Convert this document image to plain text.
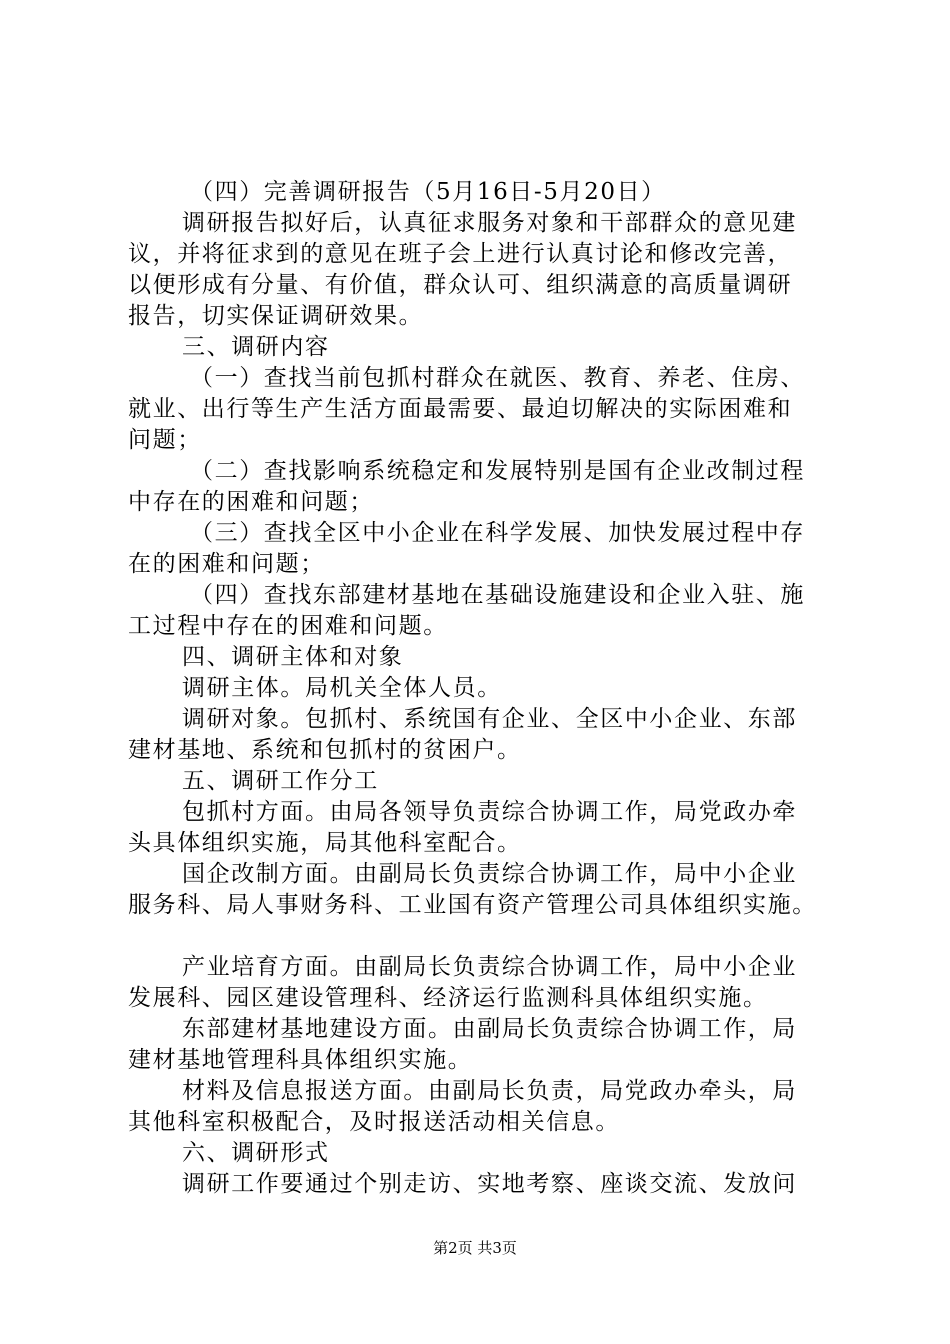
（四）完善调研报告（5月16日-5月20日）
调研报告拟好后，认真征求服务对象和干部群众的意见建
议，并将征求到的意见在班子会上进行认真讨论和修改完善，
以便形成有分量、有价值，群众认可、组织满意的高质量调研
报告，切实保证调研效果。
三、调研内容
（一）查找当前包抓村群众在就医、教育、养老、住房、
就业、出行等生产生活方面最需要、最迫切解决的实际困难和
问题；
（二）查找影响系统稳定和发展特别是国有企业改制过程
中存在的困难和问题；
（三）查找全区中小企业在科学发展、加快发展过程中存
在的困难和问题；
（四）查找东部建材基地在基础设施建设和企业入驻、施
工过程中存在的困难和问题。
四、调研主体和对象
调研主体。局机关全体人员。
调研对象。包抓村、系统国有企业、全区中小企业、东部
建材基地、系统和包抓村的贫困户。
五、调研工作分工
包抓村方面。由局各领导负责综合协调工作，局党政办牵
头具体组织实施，局其他科室配合。
国企改制方面。由副局长负责综合协调工作，局中小企业
服务科、局人事财务科、工业国有资产管理公司具体组织实施。
产业培育方面。由副局长负责综合协调工作，局中小企业
发展科、园区建设管理科、经济运行监测科具体组织实施。
东部建材基地建设方面。由副局长负责综合协调工作，局
建材基地管理科具体组织实施。
材料及信息报送方面。由副局长负责，局党政办牵头，局
其他科室积极配合，及时报送活动相关信息。
六、调研形式
调研工作要通过个别走访、实地考察、座谈交流、发放问
第2页 共3页
